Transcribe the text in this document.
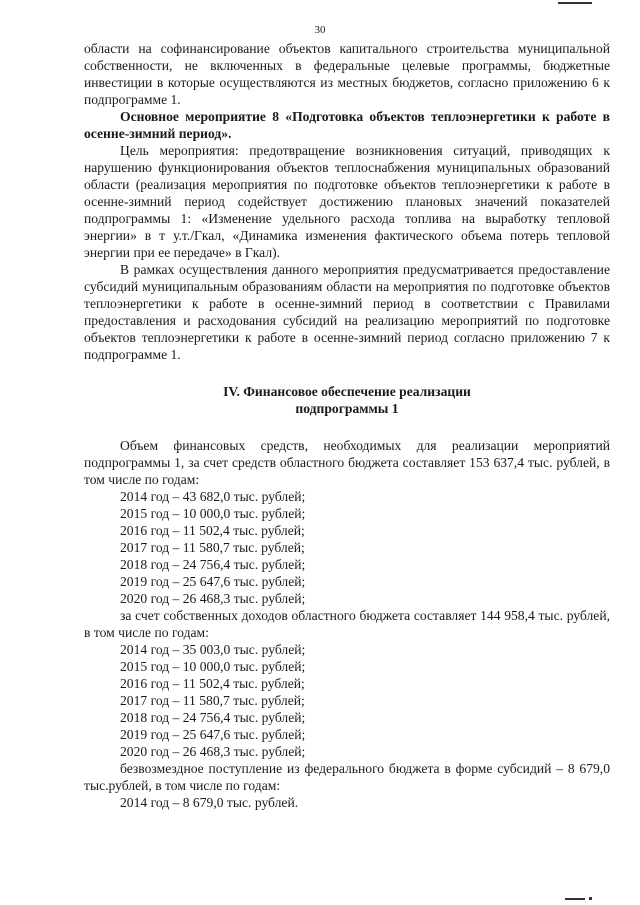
30

области на софинансирование объектов капитального строительства муниципальной собственности, не включенных в федеральные целевые программы, бюджетные инвестиции в которые осуществляются из местных бюджетов, согласно приложению 6 к подпрограмме 1.

Основное мероприятие 8 «Подготовка объектов теплоэнергетики к работе в осенне-зимний период».

Цель мероприятия: предотвращение возникновения ситуаций, приводящих к нарушению функционирования объектов теплоснабжения муниципальных образований области (реализация мероприятия по подготовке объектов теплоэнергетики к работе в осенне-зимний период содействует достижению плановых значений показателей подпрограммы 1: «Изменение удельного расхода топлива на выработку тепловой энергии» в т у.т./Гкал, «Динамика изменения фактического объема потерь тепловой энергии при ее передаче» в Гкал).

В рамках осуществления данного мероприятия предусматривается предоставление субсидий муниципальным образованиям области на мероприятия по подготовке объектов теплоэнергетики к работе в осенне-зимний период в соответствии с Правилами предоставления и расходования субсидий на реализацию мероприятий по подготовке объектов теплоэнергетики к работе в осенне-зимний период согласно приложению 7 к подпрограмме 1.

IV. Финансовое обеспечение реализации

подпрограммы 1

Объем финансовых средств, необходимых для реализации мероприятий подпрограммы 1, за счет средств областного бюджета составляет 153 637,4 тыс. рублей, в том числе по годам:

2014 год – 43 682,0 тыс. рублей;

2015 год – 10 000,0 тыс. рублей;

2016 год – 11 502,4 тыс. рублей;

2017 год – 11 580,7 тыс. рублей;

2018 год – 24 756,4 тыс. рублей;

2019 год – 25 647,6 тыс. рублей;

2020 год – 26 468,3 тыс. рублей;

за счет собственных доходов областного бюджета составляет 144 958,4 тыс. рублей, в том числе по годам:

2014 год – 35 003,0 тыс. рублей;

2015 год – 10 000,0 тыс. рублей;

2016 год – 11 502,4 тыс. рублей;

2017 год – 11 580,7 тыс. рублей;

2018 год – 24 756,4 тыс. рублей;

2019 год – 25 647,6 тыс. рублей;

2020 год – 26 468,3 тыс. рублей;

безвозмездное поступление из федерального бюджета в форме субсидий – 8 679,0 тыс.рублей, в том числе по годам:

2014 год – 8 679,0 тыс. рублей.
